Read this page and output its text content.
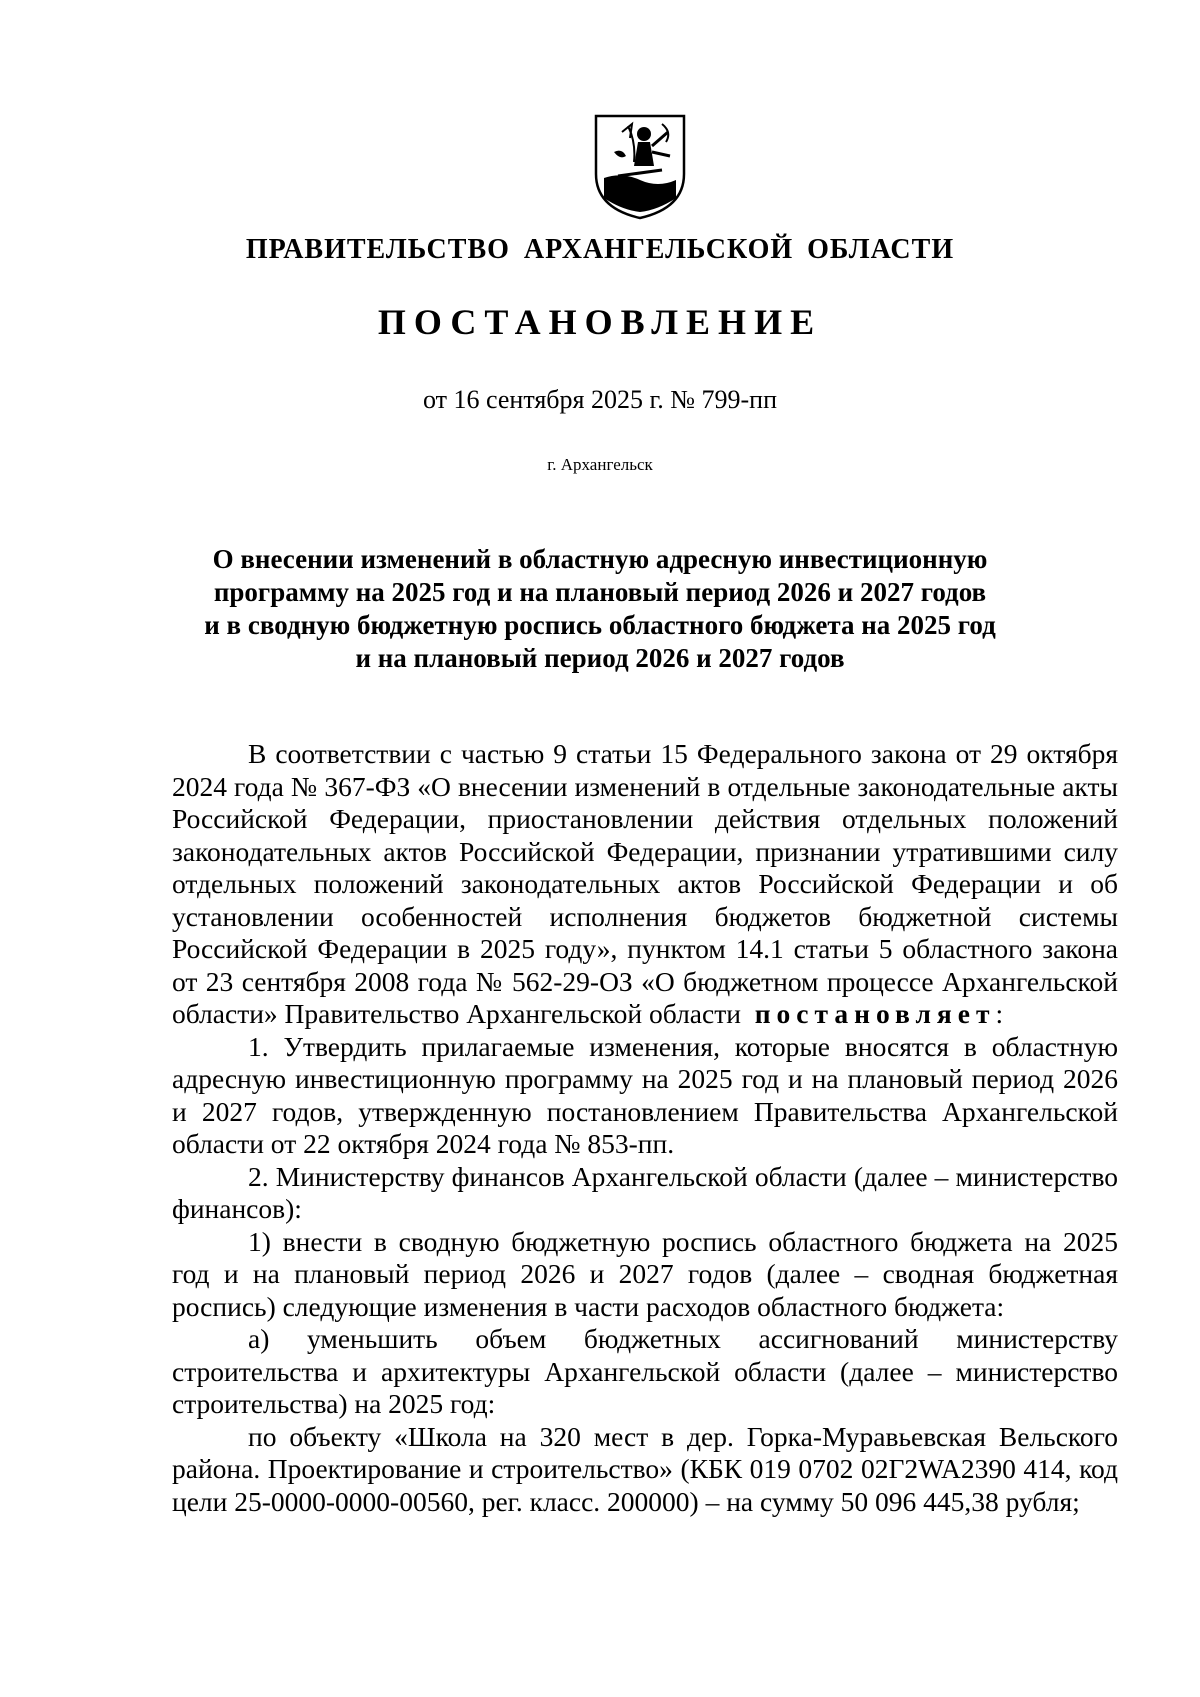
ПРАВИТЕЛЬСТВО АРХАНГЕЛЬСКОЙ ОБЛАСТИ
ПОСТАНОВЛЕНИЕ
от 16 сентября 2025 г. № 799-пп
г. Архангельск
О внесении изменений в областную адресную инвестиционную
программу на 2025 год и на плановый период 2026 и 2027 годов
и в сводную бюджетную роспись областного бюджета на 2025 год
и на плановый период 2026 и 2027 годов

В соответствии с частью 9 статьи 15 Федерального закона от 29 октября 2024 года № 367-ФЗ «О внесении изменений в отдельные законодательные акты Российской Федерации, приостановлении действия отдельных положений законодательных актов Российской Федерации, признании утратившими силу отдельных положений законодательных актов Российской Федерации и об установлении особенностей исполнения бюджетов бюджетной системы Российской Федерации в 2025 году», пунктом 14.1 статьи 5 областного закона от 23 сентября 2008 года № 562-29-ОЗ «О бюджетном процессе Архангельской области» Правительство Архангельской области постановляет:

1. Утвердить прилагаемые изменения, которые вносятся в областную адресную инвестиционную программу на 2025 год и на плановый период 2026 и 2027 годов, утвержденную постановлением Правительства Архангельской области от 22 октября 2024 года № 853-пп.

2. Министерству финансов Архангельской области (далее – министерство финансов):

1) внести в сводную бюджетную роспись областного бюджета на 2025 год и на плановый период 2026 и 2027 годов (далее – сводная бюджетная роспись) следующие изменения в части расходов областного бюджета:

а) уменьшить объем бюджетных ассигнований министерству строительства и архитектуры Архангельской области (далее – министерство строительства) на 2025 год:

по объекту «Школа на 320 мест в дер. Горка-Муравьевская Вельского района. Проектирование и строительство» (КБК 019 0702 02Г2WA2390 414, код цели 25-0000-0000-00560, рег. класс. 200000) – на сумму 50 096 445,38 рубля;
